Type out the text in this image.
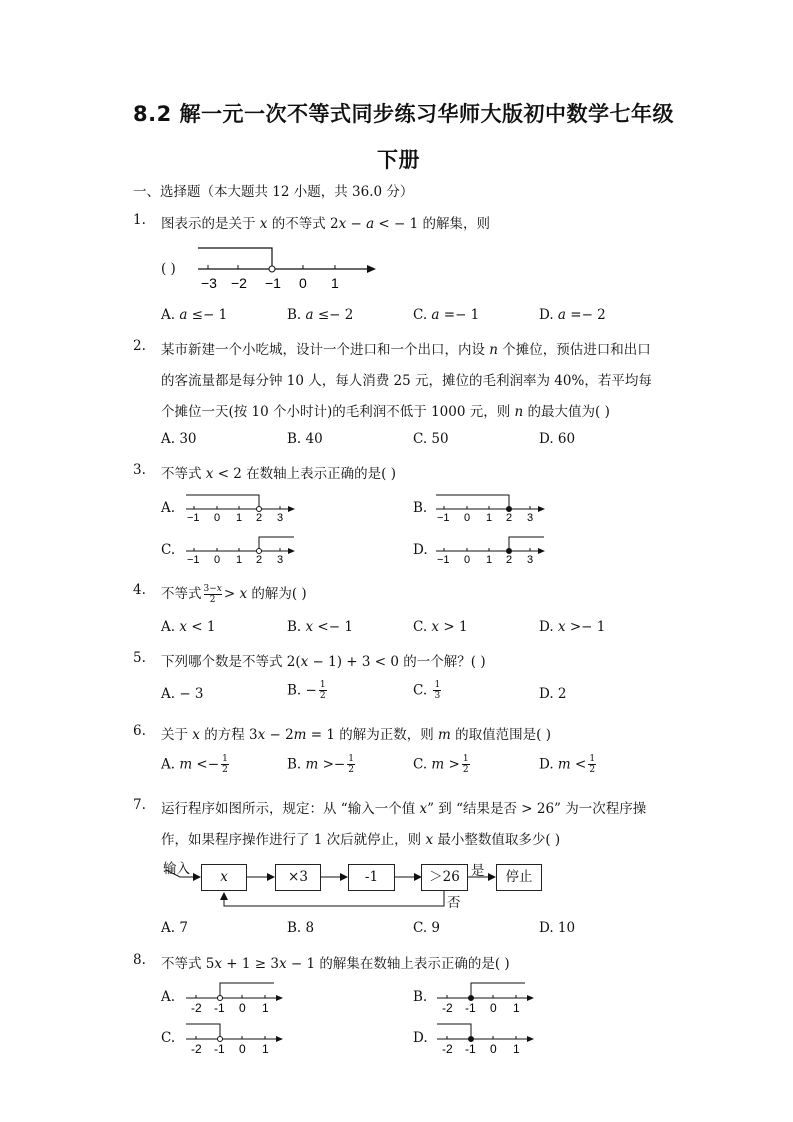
8.2 解一元一次不等式同步练习华师大版初中数学七年级
下册
一、选择题（本大题共 12 小题，共 36.0 分）
1. 图表示的是关于 𝑥 的不等式 2𝑥 − 𝑎 < − 1 的解集，则
( )
−3 −2 −1 0 1
A. 𝑎 ≤− 1	B. 𝑎 ≤− 2	C. 𝑎 =− 1	D. 𝑎 =− 2
2. 某市新建一个小吃城，设计一个进口和一个出口，内设 𝑛 个摊位，预估进口和出口
的客流量都是每分钟 10 人，每人消费 25 元，摊位的毛利润率为 40%，若平均每
个摊位一天(按 10 个小时计)的毛利润不低于 1000 元，则 𝑛 的最大值为( )
A. 30	B. 40	C. 50	D. 60
3. 不等式 𝑥 < 2 在数轴上表示正确的是( )
A.
−1 0 1 2 3
B.
−1 0 1 2 3
C.
−1 0 1 2 3
D.
−1 0 1 2 3
4. 不等式 3−𝑥
2 > 𝑥 的解为( )
A. 𝑥 < 1	B. 𝑥 <− 1	C. 𝑥 > 1	D. 𝑥 >− 1
5. 下列哪个数是不等式 2(𝑥 − 1) + 3 < 0 的一个解？( )
A. − 3	B. − $\frac{1}{2}$	C. $\frac{1}{3}$	D. 2
6. 关于 𝑥 的方程 3𝑥 − 2𝑚 = 1 的解为正数，则 𝑚 的取值范围是( )
A. 𝑚 <− $\frac{1}{2}$	B. 𝑚 >− $\frac{1}{2}$	C. 𝑚 > $\frac{1}{2}$	D. 𝑚 < $\frac{1}{2}$
7. 运行程序如图所示，规定：从 “输入一个值 𝑥” 到 “结果是否 > 26” 为一次程序操
作，如果程序操作进行了 1 次后就停止，则 𝑥 最小整数值取多少( )
输入	𝑥	×3	-1	＞26	停止
是
否
A. 7	B. 8	C. 9	D. 10
8. 不等式 5𝑥 + 1 ≥ 3𝑥 − 1 的解集在数轴上表示正确的是( )
A.
-2 -1 0 1
B.
-2 -1 0 1
C.
-2 -1 0 1
D.
-2 -1 0 1
